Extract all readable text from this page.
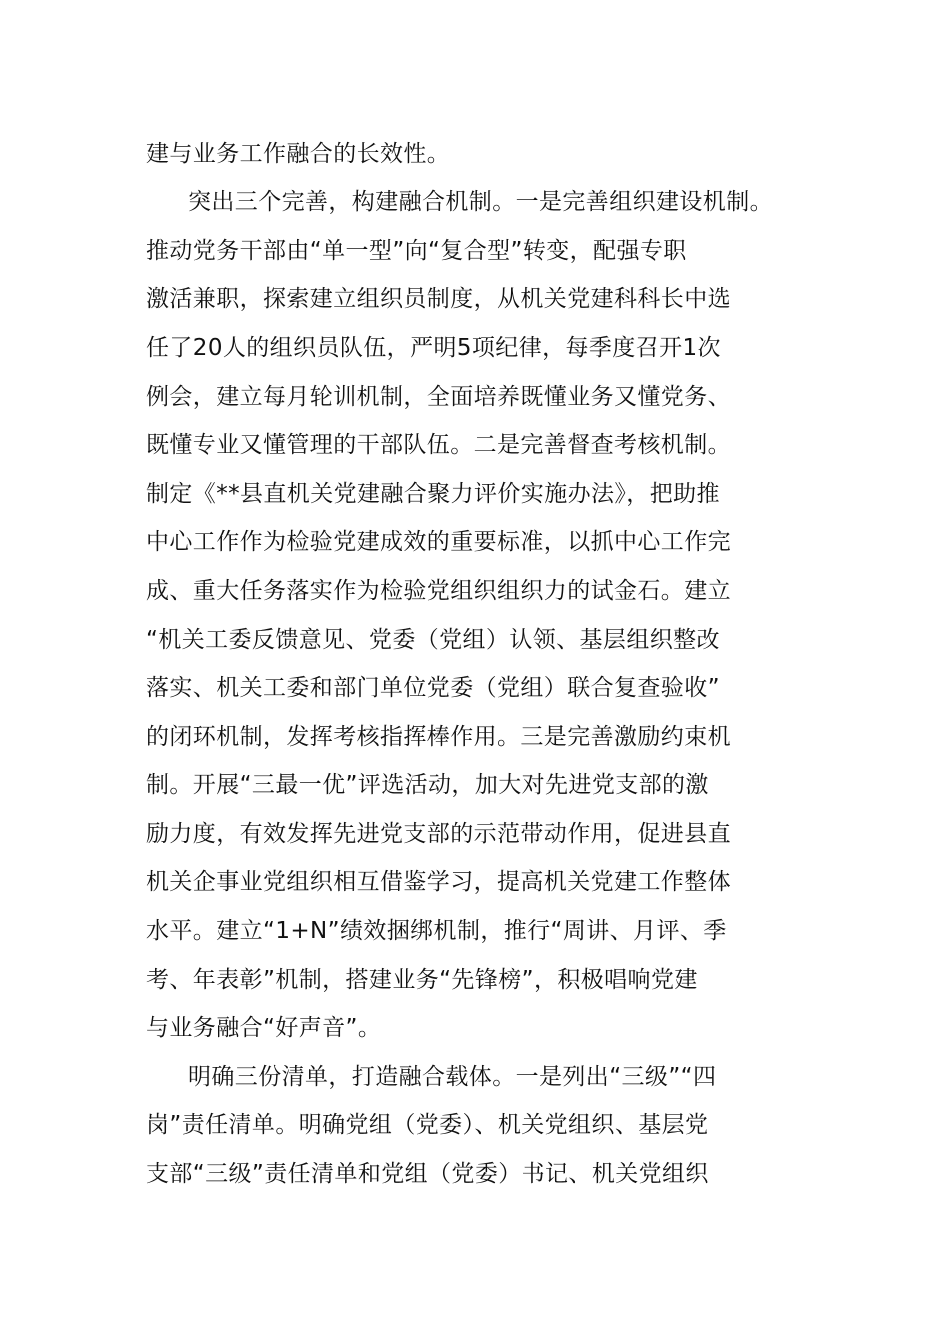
建与业务工作融合的长效性。
突出三个完善，构建融合机制。一是完善组织建设机制。
推动党务干部由“单一型”向“复合型”转变，配强专职
激活兼职，探索建立组织员制度，从机关党建科科长中选
任了20人的组织员队伍，严明5项纪律，每季度召开1次
例会，建立每月轮训机制，全面培养既懂业务又懂党务、
既懂专业又懂管理的干部队伍。二是完善督查考核机制。
制定《**县直机关党建融合聚力评价实施办法》，把助推
中心工作作为检验党建成效的重要标准，以抓中心工作完
成、重大任务落实作为检验党组织组织力的试金石。建立
“机关工委反馈意见、党委（党组）认领、基层组织整改
落实、机关工委和部门单位党委（党组）联合复查验收”
的闭环机制，发挥考核指挥棒作用。三是完善激励约束机
制。开展“三最一优”评选活动，加大对先进党支部的激
励力度，有效发挥先进党支部的示范带动作用，促进县直
机关企事业党组织相互借鉴学习，提高机关党建工作整体
水平。建立“1+N”绩效捆绑机制，推行“周讲、月评、季
考、年表彰”机制，搭建业务“先锋榜”，积极唱响党建
与业务融合“好声音”。
明确三份清单，打造融合载体。一是列出“三级”“四
岗”责任清单。明确党组（党委）、机关党组织、基层党
支部“三级”责任清单和党组（党委）书记、机关党组织
